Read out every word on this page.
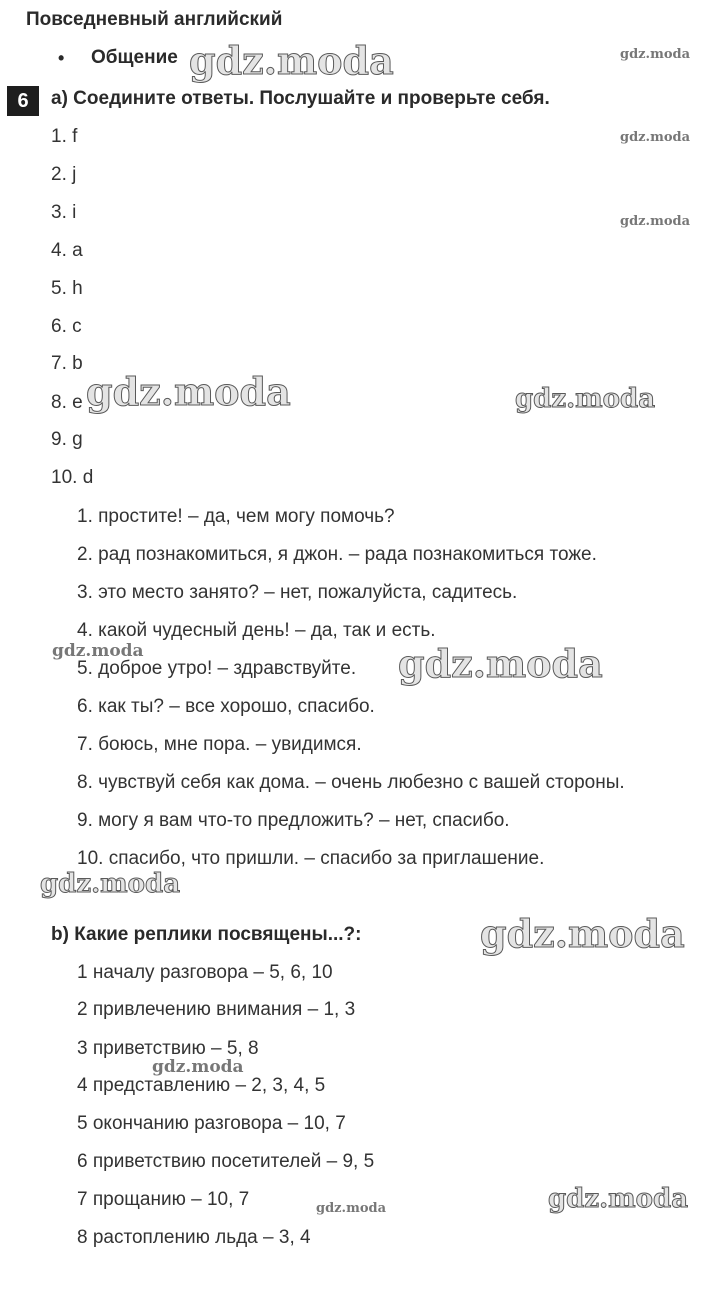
Повседневный английский
• Общение
6	a) Соедините ответы. Послушайте и проверьте себя.
1. f
2. j
3. i
4. a
5. h
6. c
7. b
8. e
9. g
10. d
1. простите! – да, чем могу помочь?
2. рад познакомиться, я джон. – рада познакомиться тоже.
3. это место занято? – нет, пожалуйста, садитесь.
4. какой чудесный день! – да, так и есть.
5. доброе утро! – здравствуйте.
6. как ты? – все хорошо, спасибо.
7. боюсь, мне пора. – увидимся.
8. чувствуй себя как дома. – очень любезно с вашей стороны.
9. могу я вам что-то предложить? – нет, спасибо.
10. спасибо, что пришли. – спасибо за приглашение.
b) Какие реплики посвящены...?:
1 началу разговора – 5, 6, 10
2 привлечению внимания – 1, 3
3 приветствию – 5, 8
4 представлению – 2, 3, 4, 5
5 окончанию разговора – 10, 7
6 приветствию посетителей – 9, 5
7 прощанию – 10, 7
8 растоплению льда – 3, 4
gdz.moda	gdz.moda
gdz.moda
gdz.moda
gdz.moda	gdz.moda
gdz.moda	gdz.moda
gdz.moda
gdz.moda
gdz.moda
gdz.moda
gdz.moda
